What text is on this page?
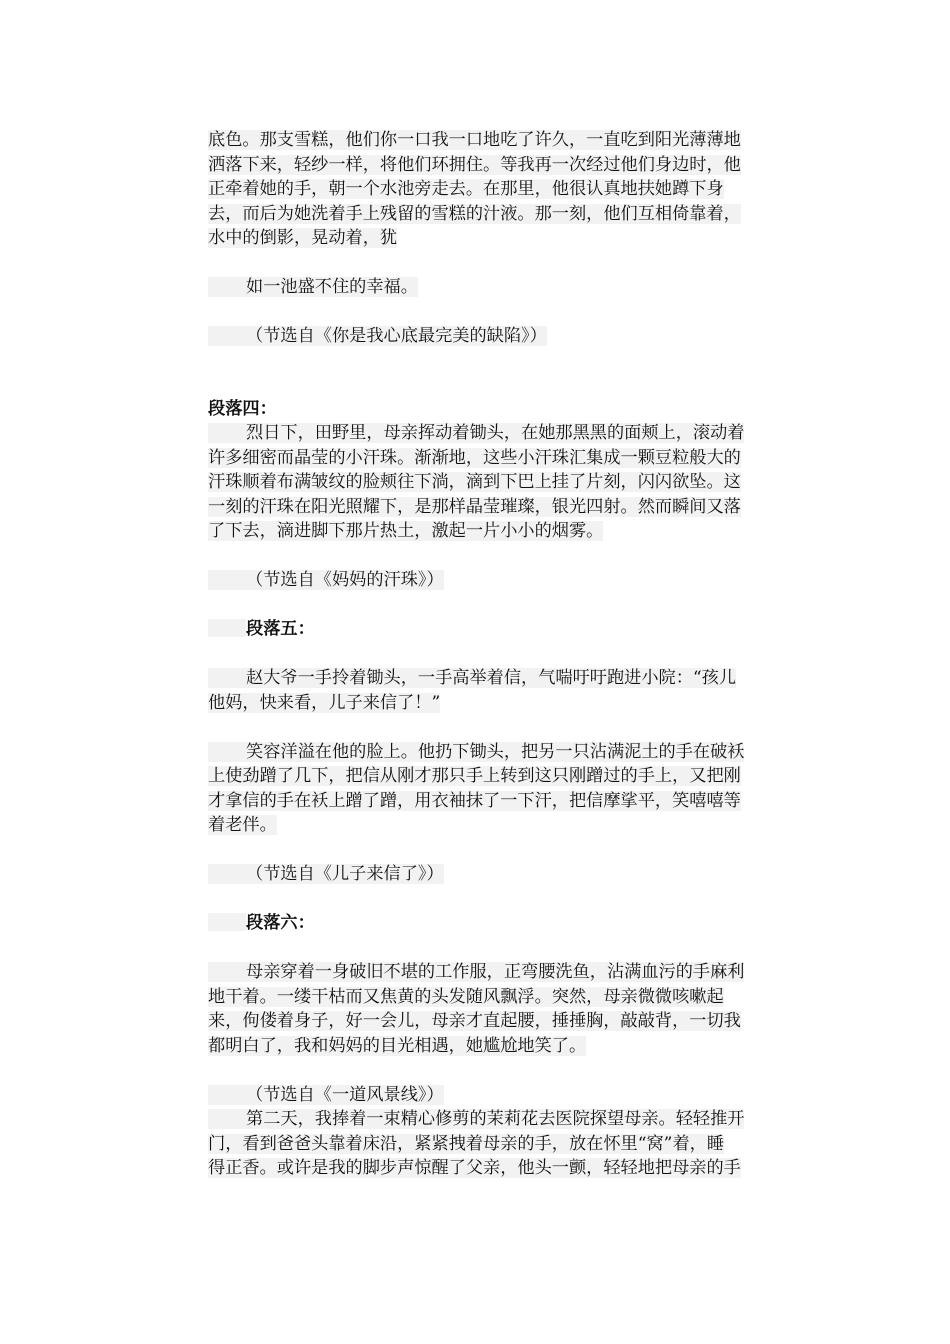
底色。那支雪糕，他们你一口我一口地吃了许久，一直吃到阳光薄薄地
洒落下来，轻纱一样，将他们环拥住。等我再一次经过他们身边时，他
正牵着她的手，朝一个水池旁走去。在那里，他很认真地扶她蹲下身
去，而后为她洗着手上残留的雪糕的汁液。那一刻，他们互相倚靠着，
水中的倒影，晃动着，犹
如一池盛不住的幸福。
（节选自《你是我心底最完美的缺陷》）
段落四：
烈日下，田野里，母亲挥动着锄头，在她那黑黑的面颊上，滚动着
许多细密而晶莹的小汗珠。渐渐地，这些小汗珠汇集成一颗豆粒般大的
汗珠顺着布满皱纹的脸颊往下淌，滴到下巴上挂了片刻，闪闪欲坠。这
一刻的汗珠在阳光照耀下，是那样晶莹璀璨，银光四射。然而瞬间又落
了下去，滴进脚下那片热土，激起一片小小的烟雾。
（节选自《妈妈的汗珠》）
段落五：
赵大爷一手拎着锄头，一手高举着信，气喘吁吁跑进小院：“孩儿
他妈，快来看，儿子来信了！”
笑容洋溢在他的脸上。他扔下锄头，把另一只沾满泥土的手在破袄
上使劲蹭了几下，把信从刚才那只手上转到这只刚蹭过的手上，又把刚
才拿信的手在袄上蹭了蹭，用衣袖抹了一下汗，把信摩挲平，笑嘻嘻等
着老伴。
（节选自《儿子来信了》）
段落六：
母亲穿着一身破旧不堪的工作服，正弯腰洗鱼，沾满血污的手麻利
地干着。一缕干枯而又焦黄的头发随风飘浮。突然，母亲微微咳嗽起
来，佝偻着身子，好一会儿，母亲才直起腰，捶捶胸，敲敲背，一切我
都明白了，我和妈妈的目光相遇，她尴尬地笑了。
（节选自《一道风景线》）
第二天，我捧着一束精心修剪的茉莉花去医院探望母亲。轻轻推开
门，看到爸爸头靠着床沿，紧紧拽着母亲的手，放在怀里“窝”着，睡
得正香。或许是我的脚步声惊醒了父亲，他头一颤，轻轻地把母亲的手
